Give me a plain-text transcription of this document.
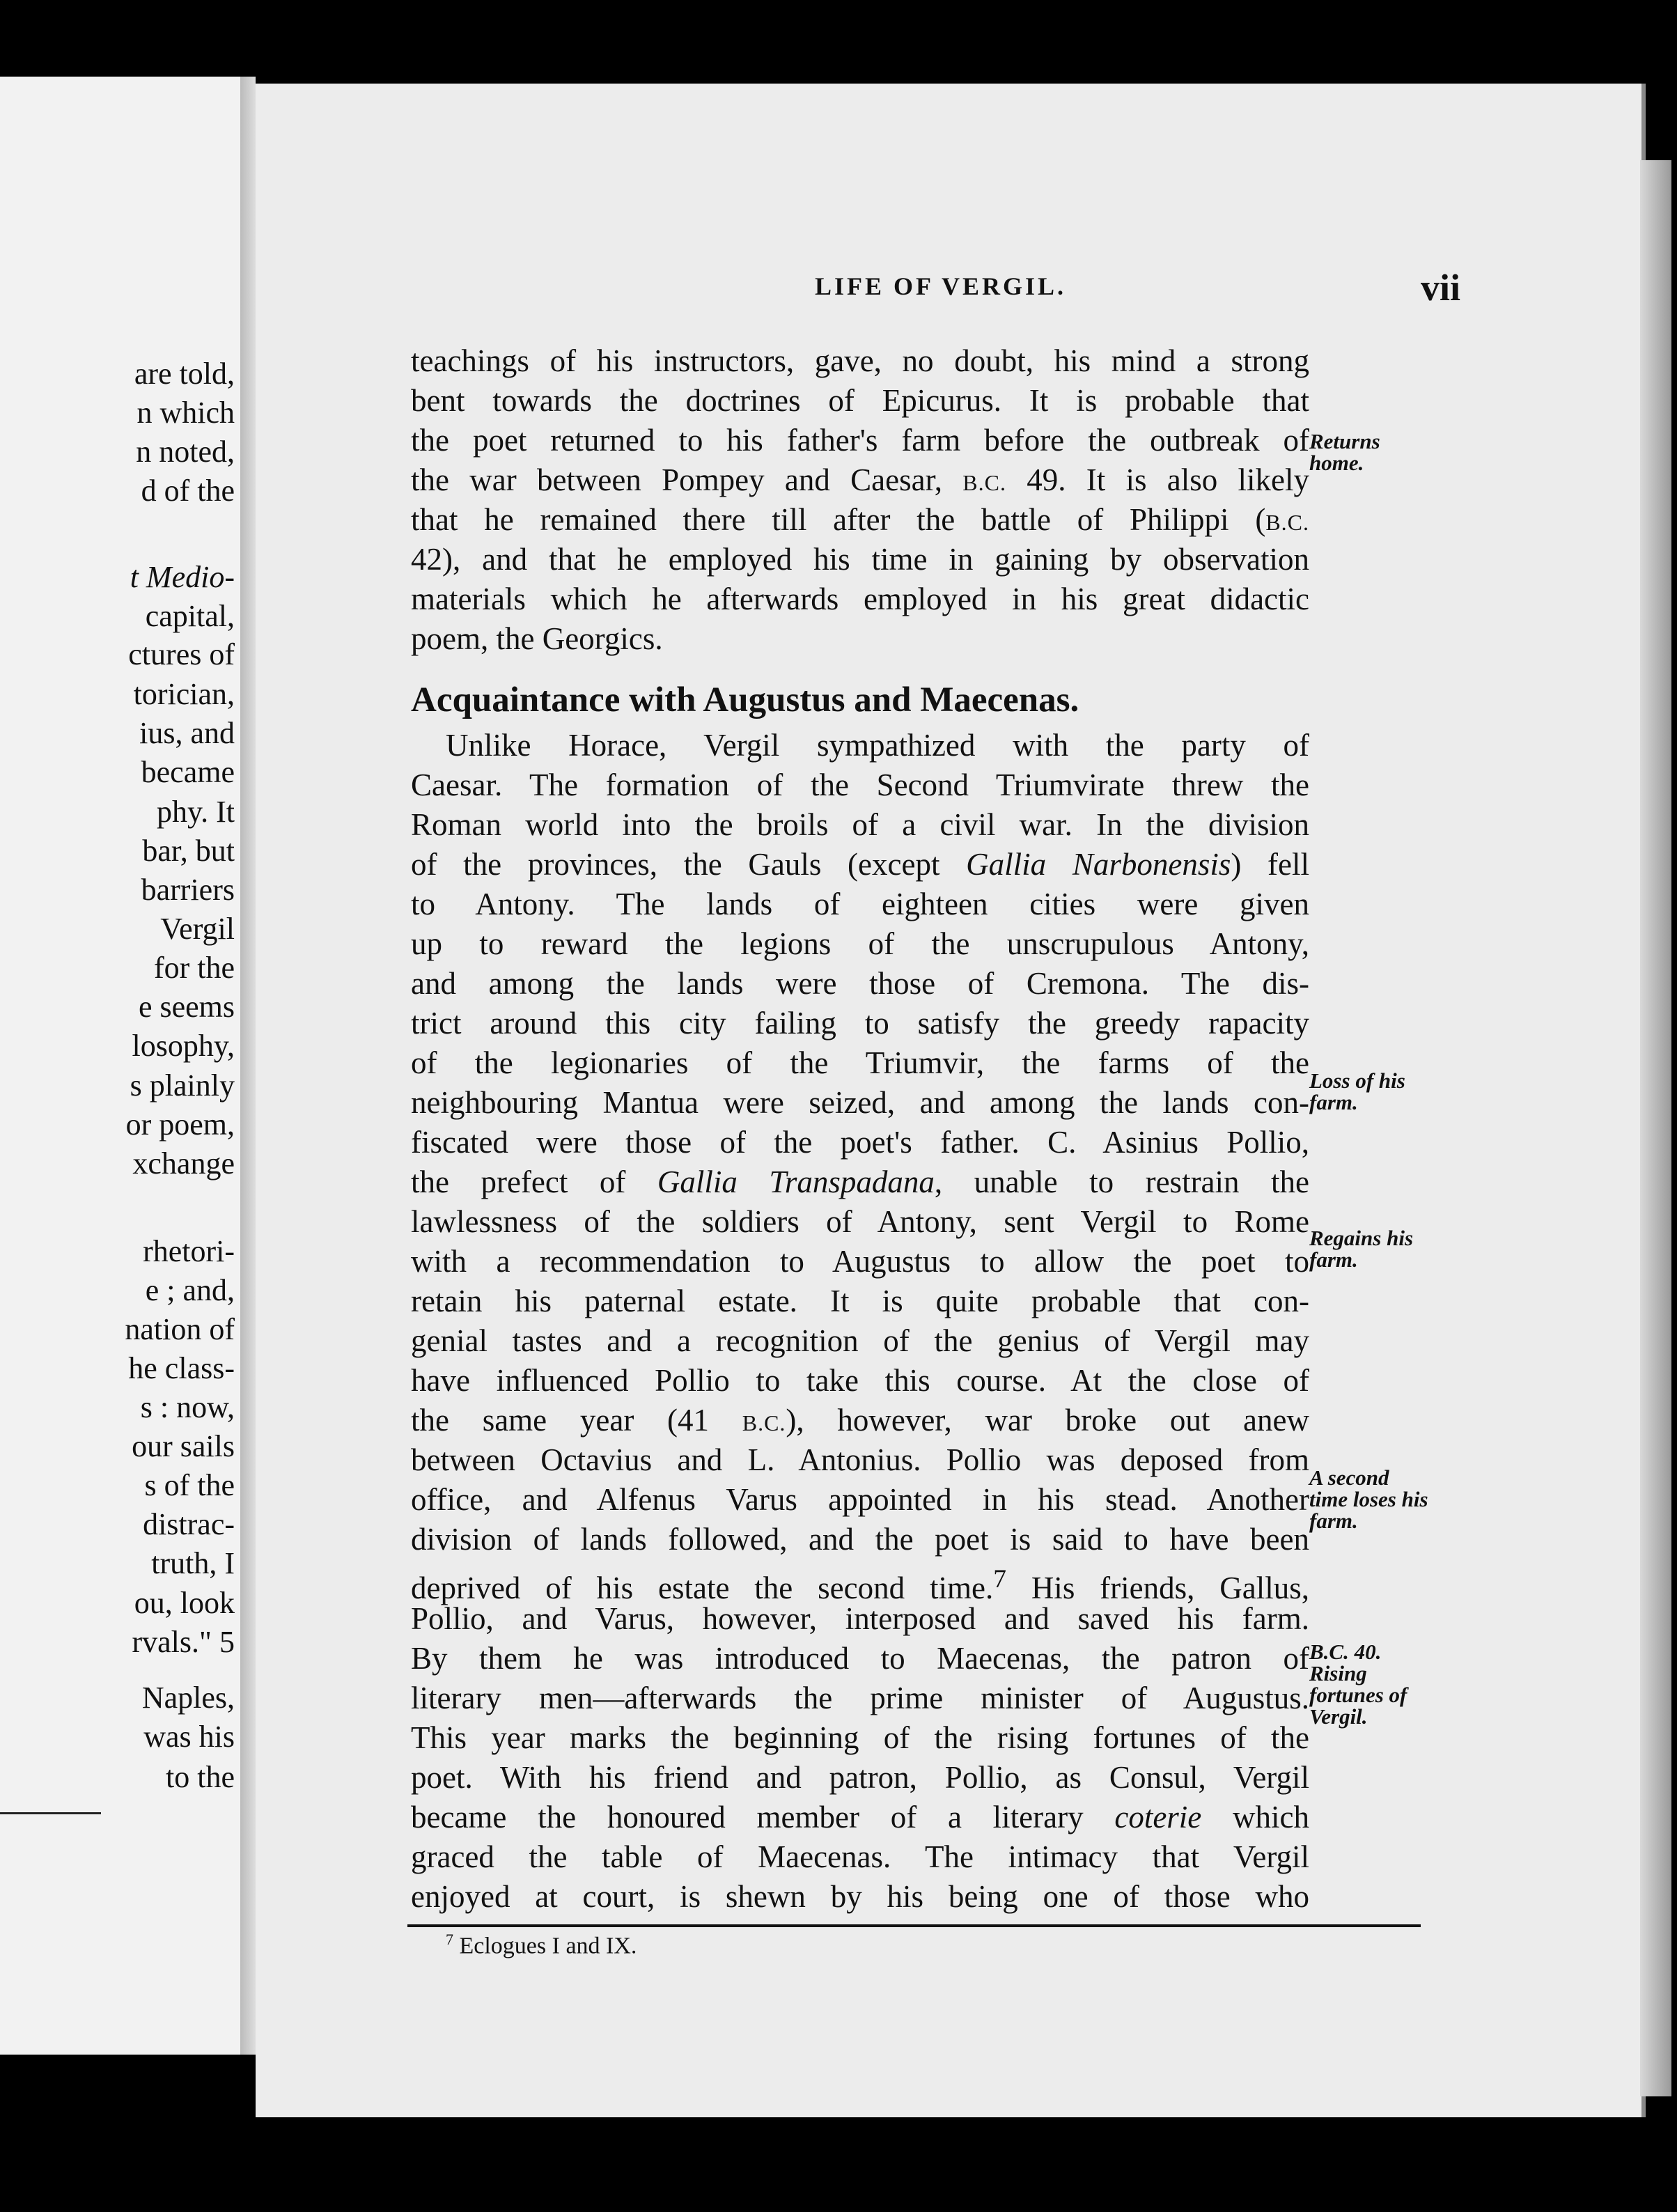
are told,
n which
n noted,
d of the
t Medio-
capital,
ctures of
torician,
ius, and
became
phy. It
bar, but
barriers
Vergil
for the
e seems
losophy,
s plainly
or poem,
xchange
rhetori-
e ; and,
nation of
he class-
s : now,
our sails
s of the
distrac-
truth, I
ou, look
rvals." 5
Naples,
was his
to the
LIFE OF VERGIL.	vii
teachings of his instructors, gave, no doubt, his mind a strong
bent towards the doctrines of Epicurus. It is probable that
the poet returned to his father's farm before the outbreak of
the war between Pompey and Caesar, B.C. 49. It is also likely
that he remained there till after the battle of Philippi (B.C.
42), and that he employed his time in gaining by observation
materials which he afterwards employed in his great didactic
poem, the Georgics.
Acquaintance with Augustus and Maecenas.
Unlike Horace, Vergil sympathized with the party of
Caesar. The formation of the Second Triumvirate threw the
Roman world into the broils of a civil war. In the division
of the provinces, the Gauls (except Gallia Narbonensis) fell
to Antony. The lands of eighteen cities were given
up to reward the legions of the unscrupulous Antony,
and among the lands were those of Cremona. The dis-
trict around this city failing to satisfy the greedy rapacity
of the legionaries of the Triumvir, the farms of the
neighbouring Mantua were seized, and among the lands con-
fiscated were those of the poet's father. C. Asinius Pollio,
the prefect of Gallia Transpadana, unable to restrain the
lawlessness of the soldiers of Antony, sent Vergil to Rome
with a recommendation to Augustus to allow the poet to
retain his paternal estate. It is quite probable that con-
genial tastes and a recognition of the genius of Vergil may
have influenced Pollio to take this course. At the close of
the same year (41 B.C.), however, war broke out anew
between Octavius and L. Antonius. Pollio was deposed from
office, and Alfenus Varus appointed in his stead. Another
division of lands followed, and the poet is said to have been
deprived of his estate the second time.$^7$ His friends, Gallus,
Pollio, and Varus, however, interposed and saved his farm.
By them he was introduced to Maecenas, the patron of
literary men—afterwards the prime minister of Augustus.
This year marks the beginning of the rising fortunes of the
poet. With his friend and patron, Pollio, as Consul, Vergil
became the honoured member of a literary coterie which
graced the table of Maecenas. The intimacy that Vergil
enjoyed at court, is shewn by his being one of those who
Returns
home.
Loss of his
farm.
Regains his
farm.
A second
time loses his
farm.
B.C. 40.
Rising
fortunes of
Vergil.
$^7$ Eclogues I and IX.
